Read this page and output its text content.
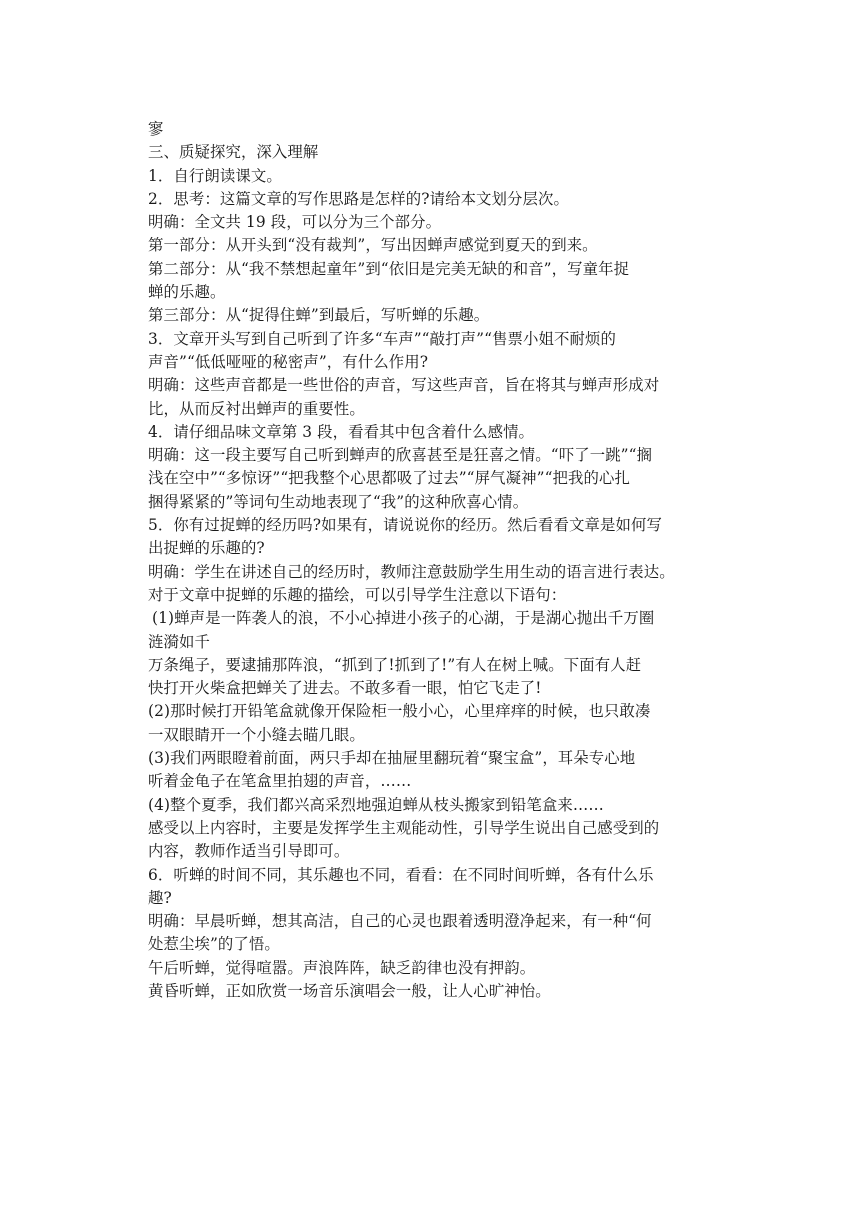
寥
三、质疑探究，深入理解
1．自行朗读课文。
2．思考：这篇文章的写作思路是怎样的?请给本文划分层次。
明确：全文共 19 段，可以分为三个部分。
第一部分：从开头到“没有裁判”，写出因蝉声感觉到夏天的到来。
第二部分：从“我不禁想起童年”到“依旧是完美无缺的和音”，写童年捉
蝉的乐趣。
第三部分：从“捉得住蝉”到最后，写听蝉的乐趣。
3．文章开头写到自己听到了许多“车声”“敲打声”“售票小姐不耐烦的
声音”“低低哑哑的秘密声”，有什么作用?
明确：这些声音都是一些世俗的声音，写这些声音，旨在将其与蝉声形成对
比，从而反衬出蝉声的重要性。
4．请仔细品味文章第 3 段，看看其中包含着什么感情。
明确：这一段主要写自己听到蝉声的欣喜甚至是狂喜之情。“吓了一跳”“搁
浅在空中”“多惊讶”“把我整个心思都吸了过去”“屏气凝神”“把我的心扎
捆得紧紧的”等词句生动地表现了“我”的这种欣喜心情。
5．你有过捉蝉的经历吗?如果有，请说说你的经历。然后看看文章是如何写
出捉蝉的乐趣的?
明确：学生在讲述自己的经历时，教师注意鼓励学生用生动的语言进行表达。
对于文章中捉蝉的乐趣的描绘，可以引导学生注意以下语句：
(1)蝉声是一阵袭人的浪，不小心掉进小孩子的心湖，于是湖心抛出千万圈
涟漪如千
万条绳子，要逮捕那阵浪，“抓到了!抓到了!”有人在树上喊。下面有人赶
快打开火柴盒把蝉关了进去。不敢多看一眼，怕它飞走了!
(2)那时候打开铅笔盒就像开保险柜一般小心，心里痒痒的时候，也只敢凑
一双眼睛开一个小缝去瞄几眼。
(3)我们两眼瞪着前面，两只手却在抽屉里翻玩着“聚宝盒”，耳朵专心地
听着金龟子在笔盒里拍翅的声音，……
(4)整个夏季，我们都兴高采烈地强迫蝉从枝头搬家到铅笔盒来……
感受以上内容时，主要是发挥学生主观能动性，引导学生说出自己感受到的
内容，教师作适当引导即可。
6．听蝉的时间不同，其乐趣也不同，看看：在不同时间听蝉，各有什么乐
趣?
明确：早晨听蝉，想其高洁，自己的心灵也跟着透明澄净起来，有一种“何
处惹尘埃”的了悟。
午后听蝉，觉得喧嚣。声浪阵阵，缺乏韵律也没有押韵。
黄昏听蝉，正如欣赏一场音乐演唱会一般，让人心旷神怡。
